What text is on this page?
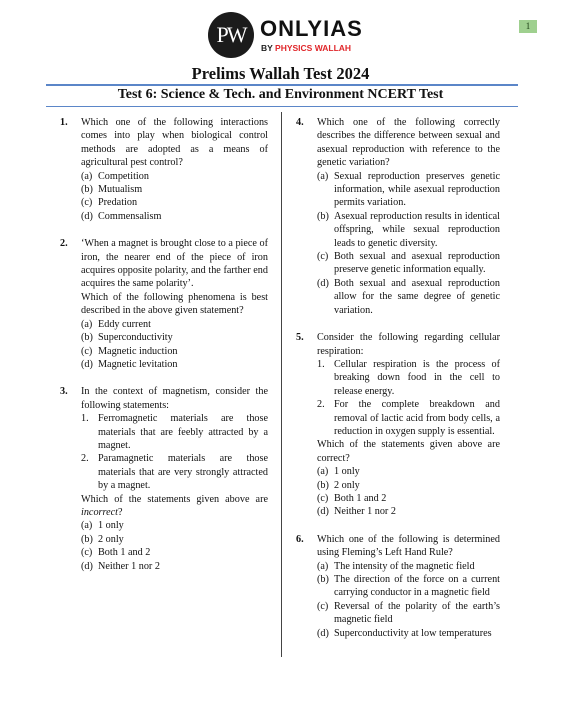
1
PW ONLYIAS
BY PHYSICS WALLAH
Prelims Wallah Test 2024
Test 6: Science & Tech. and Environment NCERT Test
1. Which one of the following interactions comes into play when biological control methods are adopted as a means of agricultural pest control?
(a) Competition
(b) Mutualism
(c) Predation
(d) Commensalism
2. ‘When a magnet is brought close to a piece of iron, the nearer end of the piece of iron acquires opposite polarity, and the farther end acquires the same polarity’.
Which of the following phenomena is best described in the above given statement?
(a) Eddy current
(b) Superconductivity
(c) Magnetic induction
(d) Magnetic levitation
3. In the context of magnetism, consider the following statements:
1. Ferromagnetic materials are those materials that are feebly attracted by a magnet.
2. Paramagnetic materials are those materials that are very strongly attracted by a magnet.
Which of the statements given above are incorrect?
(a) 1 only
(b) 2 only
(c) Both 1 and 2
(d) Neither 1 nor 2
4. Which one of the following correctly describes the difference between sexual and asexual reproduction with reference to the genetic variation?
(a) Sexual reproduction preserves genetic information, while asexual reproduction permits variation.
(b) Asexual reproduction results in identical offspring, while sexual reproduction leads to genetic diversity.
(c) Both sexual and asexual reproduction preserve genetic information equally.
(d) Both sexual and asexual reproduction allow for the same degree of genetic variation.
5. Consider the following regarding cellular respiration:
1. Cellular respiration is the process of breaking down food in the cell to release energy.
2. For the complete breakdown and removal of lactic acid from body cells, a reduction in oxygen supply is essential.
Which of the statements given above are correct?
(a) 1 only
(b) 2 only
(c) Both 1 and 2
(d) Neither 1 nor 2
6. Which one of the following is determined using Fleming’s Left Hand Rule?
(a) The intensity of the magnetic field
(b) The direction of the force on a current carrying conductor in a magnetic field
(c) Reversal of the polarity of the earth’s magnetic field
(d) Superconductivity at low temperatures
